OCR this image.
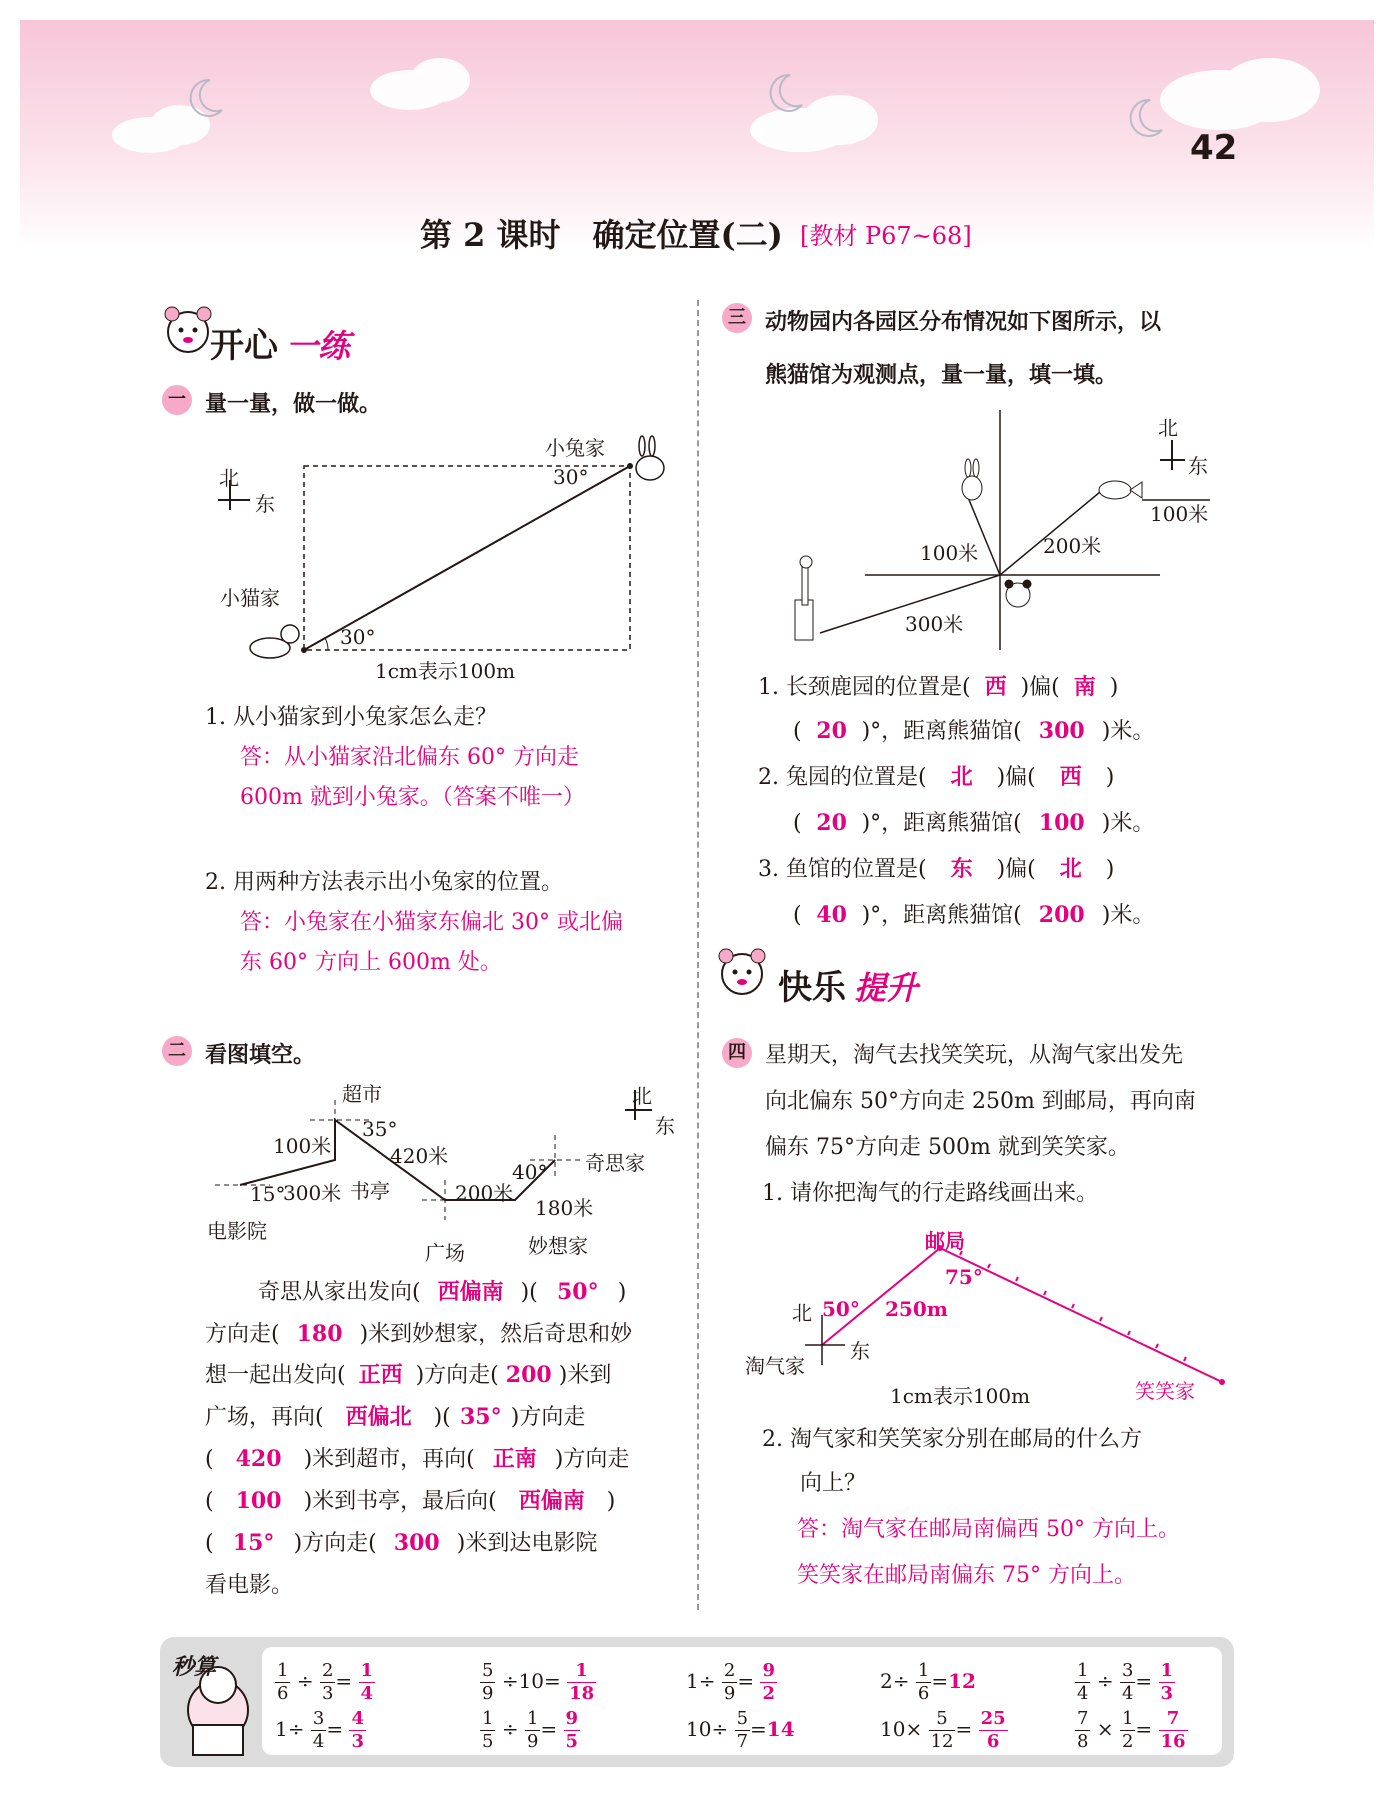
42
第 2 课时　确定位置(二) [教材 P67~68]
开心 一练
一 量一量，做一做。
北
东
小兔家
30°
小猫家
30°
1cm表示100m
1. 从小猫家到小兔家怎么走？
答：从小猫家沿北偏东 60° 方向走
600m 就到小兔家。（答案不唯一）
2. 用两种方法表示出小兔家的位置。
答：小兔家在小猫家东偏北 30° 或北偏
东 60° 方向上 600m 处。
二 看图填空。
超市	北
东
100米
35°
420米	奇思家
15°
300米 书亭	200米
40°
180米
电影院
广场	妙想家
奇思从家出发向( 西偏南 )( 50° )
方向走( 180 )米到妙想家，然后奇思和妙
想一起出发向( 正西 )方向走( 200 )米到
广场，再向( 西偏北 )( 35° )方向走
( 420 )米到超市，再向( 正南 )方向走
( 100 )米到书亭，最后向( 西偏南 )
( 15° )方向走( 300 )米到达电影院
看电影。
三 动物园内各园区分布情况如下图所示，以
熊猫馆为观测点，量一量，填一填。
北
东
100米
100米	200米
300米
1. 长颈鹿园的位置是( 西 )偏( 南 )
( 20 )°，距离熊猫馆( 300 )米。
2. 兔园的位置是( 北 )偏( 西 )
( 20 )°，距离熊猫馆( 100 )米。
3. 鱼馆的位置是( 东 )偏( 北 )
( 40 )°，距离熊猫馆( 200 )米。
快乐 提升
四 星期天，淘气去找笑笑玩，从淘气家出发先
向北偏东 50°方向走 250m 到邮局，再向南
偏东 75°方向走 500m 就到笑笑家。
1. 请你把淘气的行走路线画出来。
邮局
75°
北 50° 250m
淘气家
东
1cm表示100m	笑笑家
2. 淘气家和笑笑家分别在邮局的什么方
向上？
答：淘气家在邮局南偏西 50° 方向上。
笑笑家在邮局南偏东 75° 方向上。
秒算	$\frac{1}{6} \div \frac{2}{3} = \frac{1}{4}$	$\frac{5}{9} \div 10= \frac{1}{18}$	$1\div \frac{2}{9} = \frac{9}{2}$	$2\div \frac{1}{6} =12$	$\frac{1}{4} \div \frac{3}{4} = \frac{1}{3}$
$1\div \frac{3}{4} = \frac{4}{3}$	$\frac{1}{5} \div \frac{1}{9} = \frac{9}{5}$	$10\div \frac{5}{7} =14$	$10\times \frac{5}{12} = \frac{25}{6}$	$\frac{7}{8} \times \frac{1}{2} = \frac{7}{16}$
